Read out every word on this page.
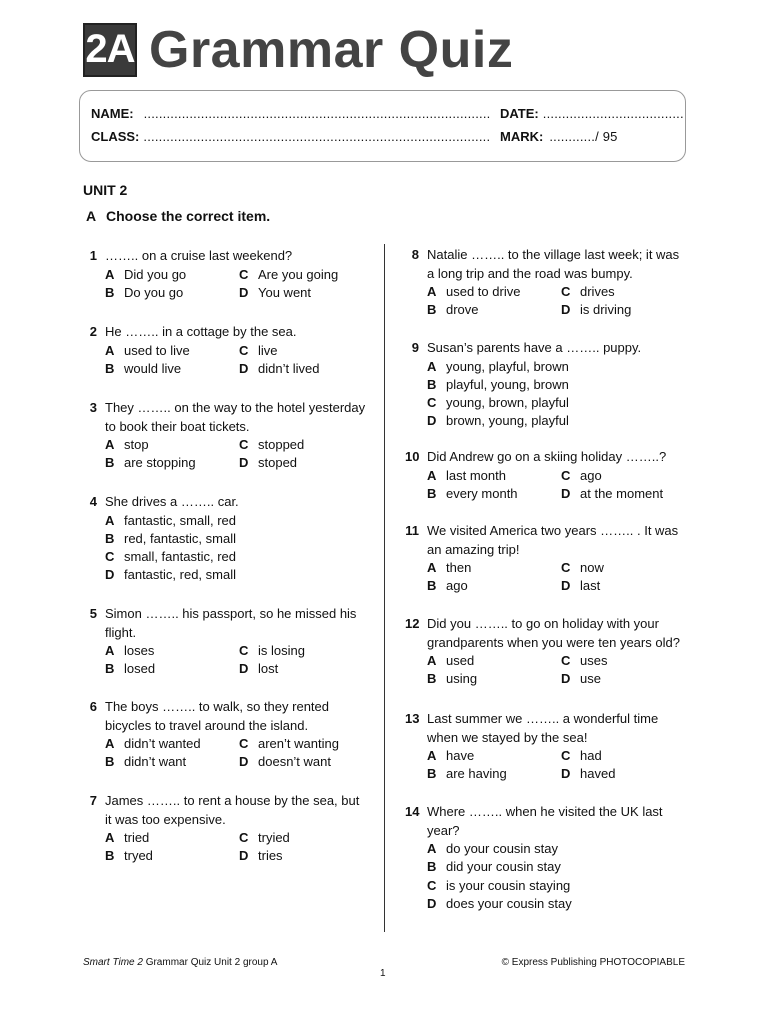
2A Grammar Quiz
NAME: ........................................................................................... DATE: .....................................
CLASS: ........................................................................................... MARK: ............/ 95
UNIT 2
A Choose the correct item.
1 …….. on a cruise last weekend?
A Did you go	C Are you going
B Do you go	D You went
2 He …….. in a cottage by the sea.
A used to live	C live
B would live	D didn’t lived
3 They …….. on the way to the hotel yesterday to book their boat tickets.
A stop	C stopped
B are stopping	D stoped
4 She drives a …….. car.
A fantastic, small, red
B red, fantastic, small
C small, fantastic, red
D fantastic, red, small
5 Simon …….. his passport, so he missed his flight.
A loses	C is losing
B losed	D lost
6 The boys …….. to walk, so they rented bicycles to travel around the island.
A didn’t wanted	C aren’t wanting
B didn’t want	D doesn’t want
7 James …….. to rent a house by the sea, but it was too expensive.
A tried	C tryied
B tryed	D tries
8 Natalie …….. to the village last week; it was a long trip and the road was bumpy.
A used to drive	C drives
B drove	D is driving
9 Susan’s parents have a …….. puppy.
A young, playful, brown
B playful, young, brown
C young, brown, playful
D brown, young, playful
10 Did Andrew go on a skiing holiday ……..?
A last month	C ago
B every month	D at the moment
11 We visited America two years …….. . It was an amazing trip!
A then	C now
B ago	D last
12 Did you …….. to go on holiday with your grandparents when you were ten years old?
A used	C uses
B using	D use
13 Last summer we …….. a wonderful time when we stayed by the sea!
A have	C had
B are having	D haved
14 Where …….. when he visited the UK last year?
A do your cousin stay
B did your cousin stay
C is your cousin staying
D does your cousin stay
Smart Time 2 Grammar Quiz Unit 2 group A	© Express Publishing PHOTOCOPIABLE
1
